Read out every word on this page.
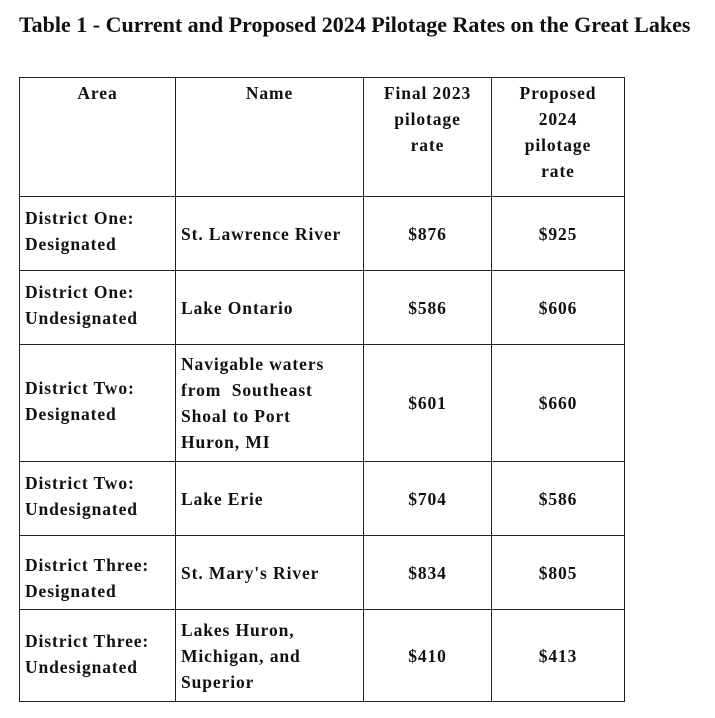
Table 1 - Current and Proposed 2024 Pilotage Rates on the Great Lakes
Area	Name	Final 2023
pilotage
rate	Proposed
2024
pilotage
rate

District One:
Designated	St. Lawrence River	$876	$925

District One:
Undesignated	Lake Ontario	$586	$606

District Two:
Designated	Navigable waters
from  Southeast
Shoal to Port
Huron, MI	$601	$660

District Two:
Undesignated	Lake Erie	$704	$586

District Three:
Designated	St. Mary's River	$834	$805

District Three:
Undesignated	Lakes Huron,
Michigan, and
Superior	$410	$413
